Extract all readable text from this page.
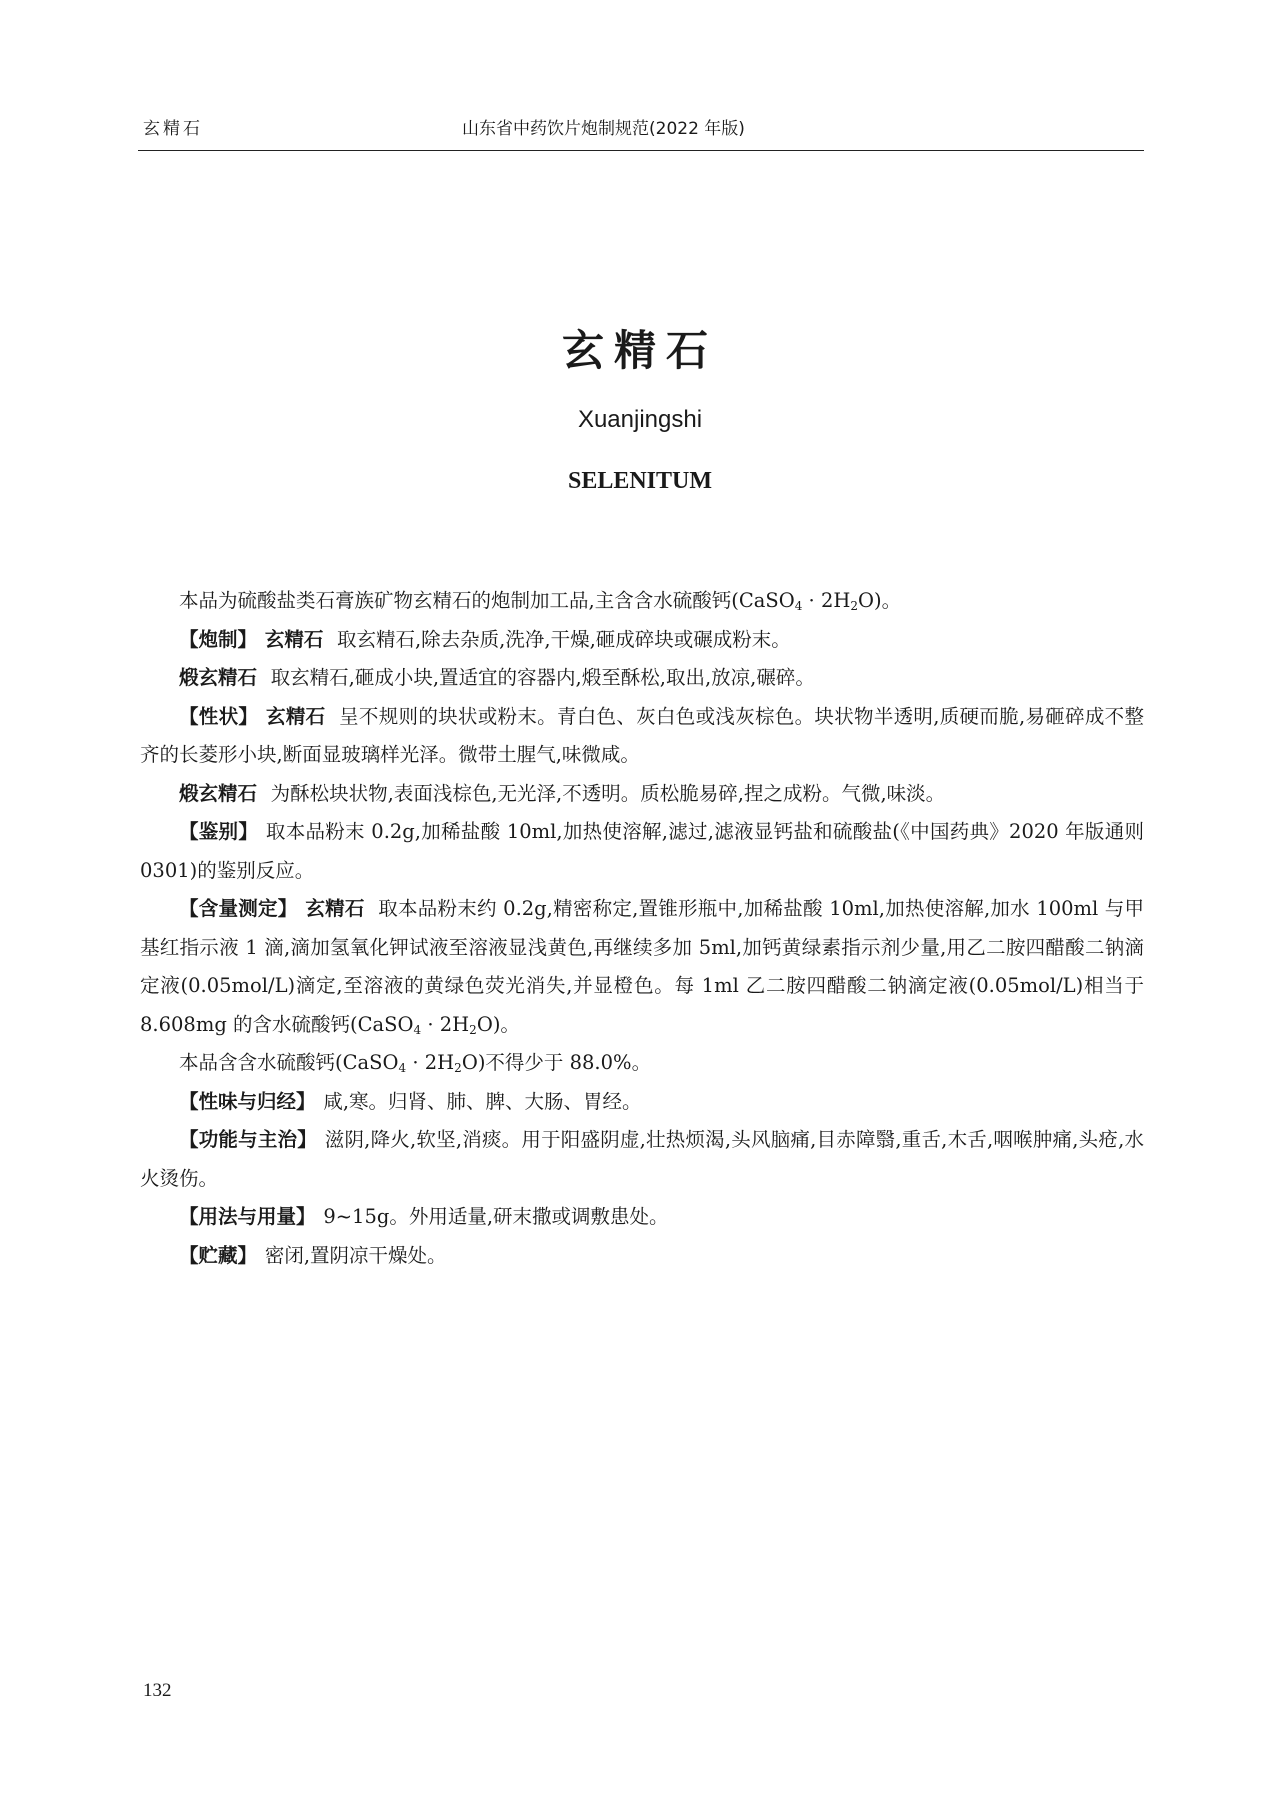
玄精石	山东省中药饮片炮制规范(2022 年版)
玄精石
Xuanjingshi
SELENITUM

本品为硫酸盐类石膏族矿物玄精石的炮制加工品,主含含水硫酸钙(CaSO$_4$ · $2H_2O$)。

【炮制】 玄精石 取玄精石,除去杂质,洗净,干燥,砸成碎块或碾成粉末。

煅玄精石 取玄精石,砸成小块,置适宜的容器内,煅至酥松,取出,放凉,碾碎。

【性状】 玄精石 呈不规则的块状或粉末。青白色、灰白色或浅灰棕色。块状物半透明,质硬而脆,易砸碎成不整齐的长菱形小块,断面显玻璃样光泽。微带土腥气,味微咸。

煅玄精石 为酥松块状物,表面浅棕色,无光泽,不透明。质松脆易碎,捏之成粉。气微,味淡。

【鉴别】 取本品粉末 0.2g,加稀盐酸 10ml,加热使溶解,滤过,滤液显钙盐和硫酸盐(《中国药典》2020 年版通则 0301)的鉴别反应。

【含量测定】 玄精石 取本品粉末约 0.2g,精密称定,置锥形瓶中,加稀盐酸 10ml,加热使溶解,加水 100ml 与甲基红指示液 1 滴,滴加氢氧化钾试液至溶液显浅黄色,再继续多加 5ml,加钙黄绿素指示剂少量,用乙二胺四醋酸二钠滴定液(0.05mol/L)滴定,至溶液的黄绿色荧光消失,并显橙色。每 1ml 乙二胺四醋酸二钠滴定液(0.05mol/L)相当于 8.608mg 的含水硫酸钙(CaSO$_4$ · $2H_2O$)。

本品含含水硫酸钙(CaSO$_4$ · $2H_2O$)不得少于 88.0%。

【性味与归经】 咸,寒。归肾、肺、脾、大肠、胃经。

【功能与主治】 滋阴,降火,软坚,消痰。用于阳盛阴虚,壮热烦渴,头风脑痛,目赤障翳,重舌,木舌,咽喉肿痛,头疮,水火烫伤。

【用法与用量】 9~15g。外用适量,研末撒或调敷患处。

【贮藏】 密闭,置阴凉干燥处。

132
